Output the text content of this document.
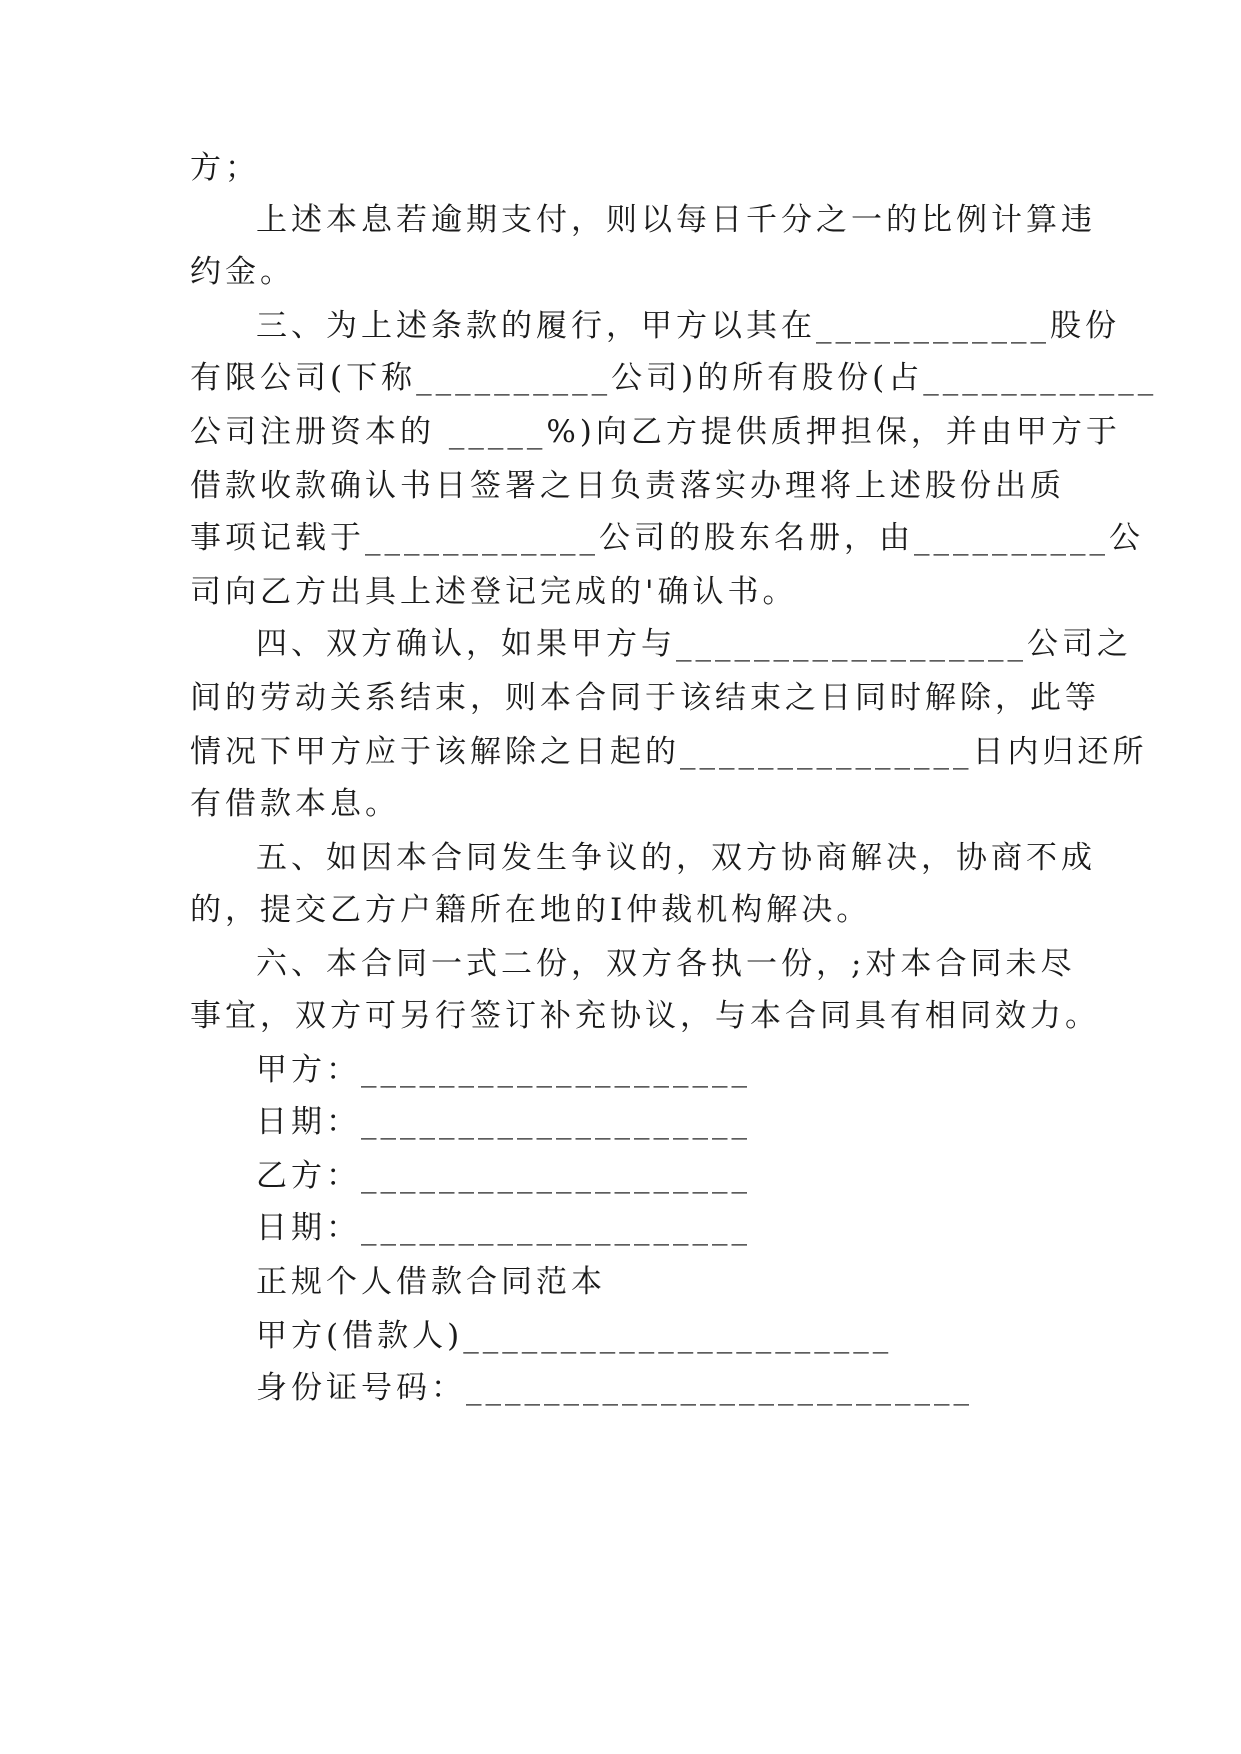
方；
上述本息若逾期支付，则以每日千分之一的比例计算违
约金。
三、为上述条款的履行，甲方以其在____________股份
有限公司(下称__________公司)的所有股份(占____________
公司注册资本的 _____%)向乙方提供质押担保，并由甲方于
借款收款确认书日签署之日负责落实办理将上述股份出质
事项记载于____________公司的股东名册，由__________公
司向乙方出具上述登记完成的'确认书。
四、双方确认，如果甲方与__________________公司之
间的劳动关系结束，则本合同于该结束之日同时解除，此等
情况下甲方应于该解除之日起的_______________日内归还所
有借款本息。
五、如因本合同发生争议的，双方协商解决，协商不成
的，提交乙方户籍所在地的Ⅰ仲裁机构解决。
六、本合同一式二份，双方各执一份，;对本合同未尽
事宜，双方可另行签订补充协议，与本合同具有相同效力。
甲方：____________________
日期：____________________
乙方：____________________
日期：____________________
正规个人借款合同范本
甲方(借款人)______________________
身份证号码：__________________________
